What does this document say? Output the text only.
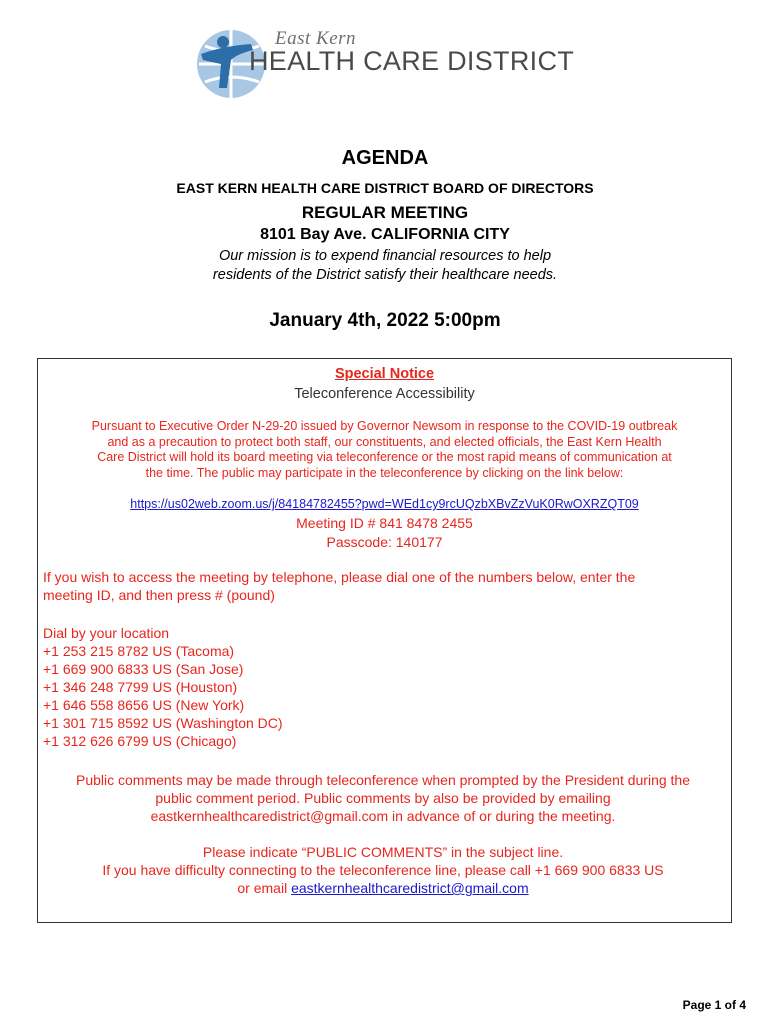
East Kern
HEALTH CARE DISTRICT
AGENDA
EAST KERN HEALTH CARE DISTRICT BOARD OF DIRECTORS
REGULAR MEETING
8101 Bay Ave. CALIFORNIA CITY
Our mission is to expend financial resources to help
residents of the District satisfy their healthcare needs.
January 4th, 2022 5:00pm
Special Notice
Teleconference Accessibility
Pursuant to Executive Order N-29-20 issued by Governor Newsom in response to the COVID-19 outbreak
and as a precaution to protect both staff, our constituents, and elected officials, the East Kern Health
Care District will hold its board meeting via teleconference or the most rapid means of communication at
the time. The public may participate in the teleconference by clicking on the link below:
https://us02web.zoom.us/j/84184782455?pwd=WEd1cy9rcUQzbXBvZzVuK0RwOXRZQT09
Meeting ID # 841 8478 2455
Passcode: 140177
If you wish to access the meeting by telephone, please dial one of the numbers below, enter the
meeting ID, and then press # (pound)
Dial by your location
+1 253 215 8782 US (Tacoma)
+1 669 900 6833 US (San Jose)
+1 346 248 7799 US (Houston)
+1 646 558 8656 US (New York)
+1 301 715 8592 US (Washington DC)
+1 312 626 6799 US (Chicago)
Public comments may be made through teleconference when prompted by the President during the
public comment period. Public comments by also be provided by emailing
eastkernhealthcaredistrict@gmail.com in advance of or during the meeting.
Please indicate “PUBLIC COMMENTS” in the subject line.
If you have difficulty connecting to the teleconference line, please call +1 669 900 6833 US
or email eastkernhealthcaredistrict@gmail.com
Page 1 of 4
